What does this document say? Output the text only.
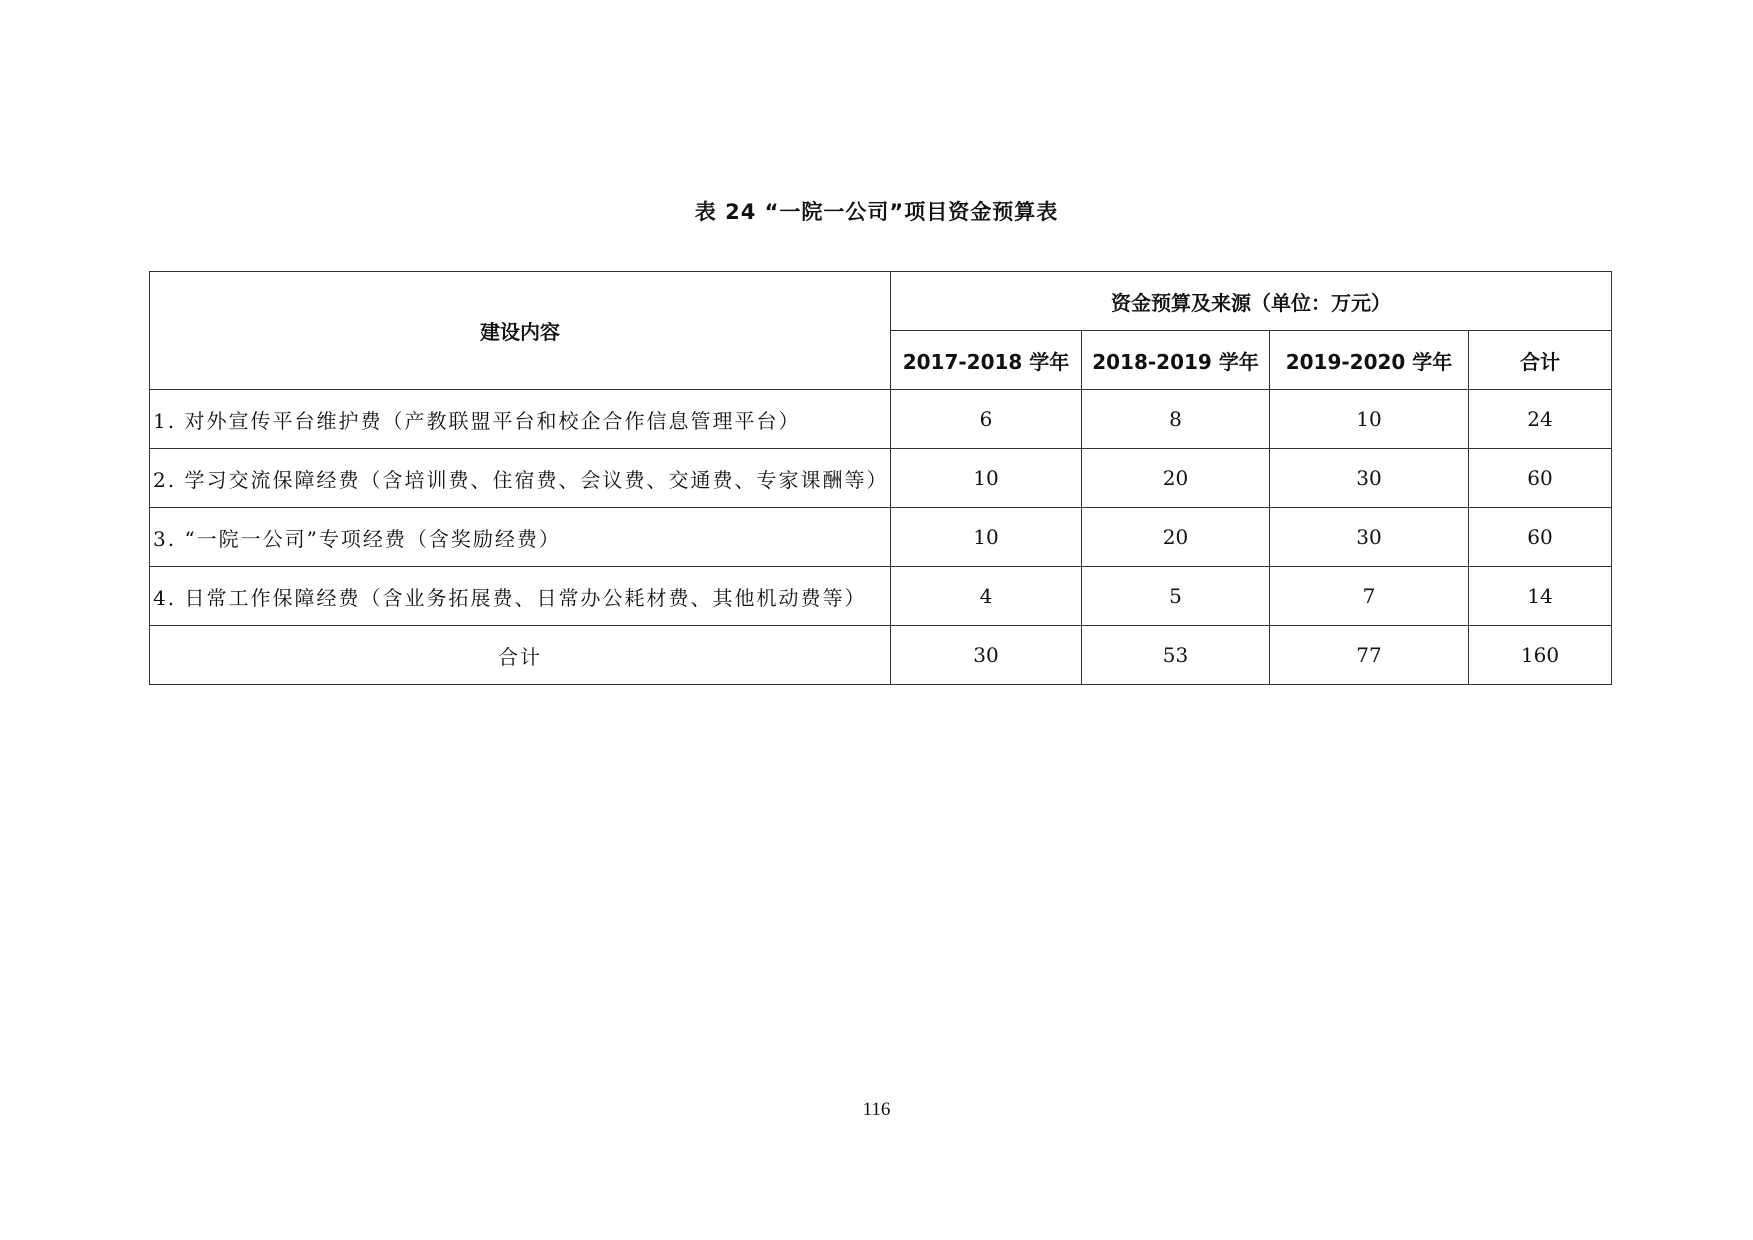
表 24 “一院一公司”项目资金预算表
建设内容	资金预算及来源（单位：万元）			
	2017-2018 学年	2018-2019 学年	2019-2020 学年	合计
1. 对外宣传平台维护费（产教联盟平台和校企合作信息管理平台）	6	8	10	24
2. 学习交流保障经费（含培训费、住宿费、会议费、交通费、专家课酬等）	10	20	30	60
3. “一院一公司”专项经费（含奖励经费）	10	20	30	60
4. 日常工作保障经费（含业务拓展费、日常办公耗材费、其他机动费等）	4	5	7	14
合计	30	53	77	160
116
